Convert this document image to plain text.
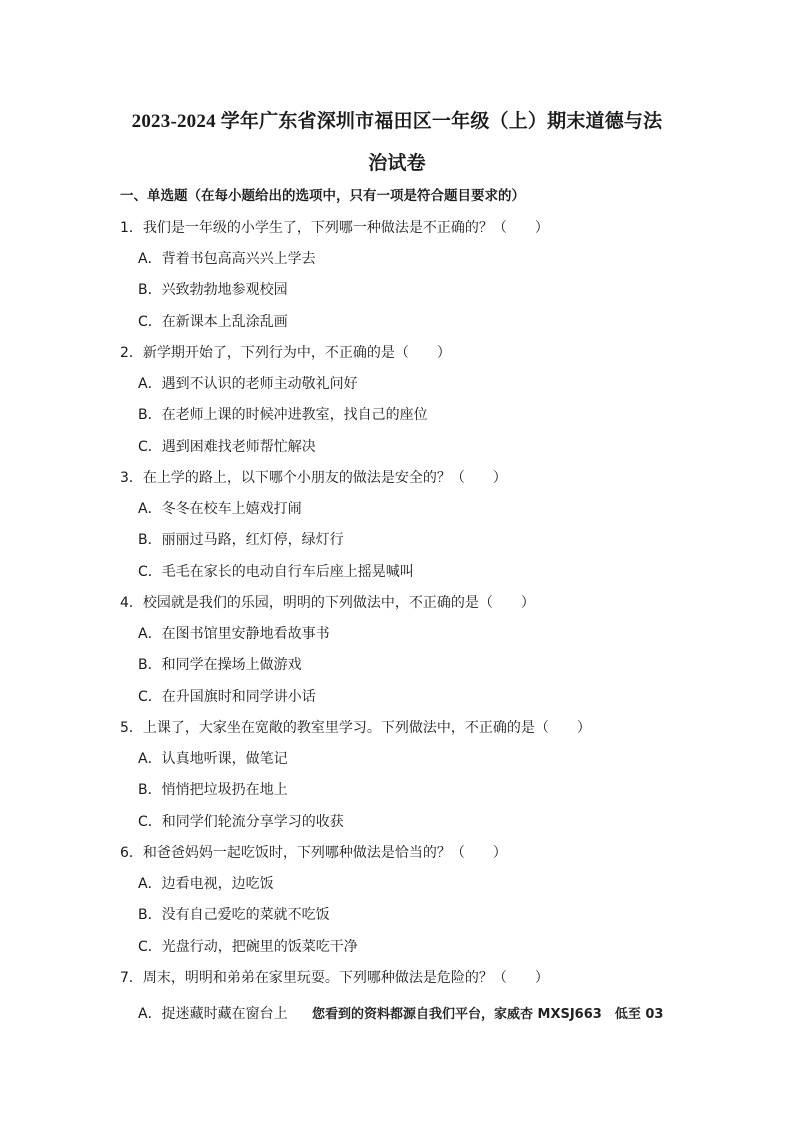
2023-2024 学年广东省深圳市福田区一年级（上）期末道德与法
治试卷
一、单选题（在每小题给出的选项中，只有一项是符合题目要求的）
1．我们是一年级的小学生了，下列哪一种做法是不正确的？（　　）
A．背着书包高高兴兴上学去
B．兴致勃勃地参观校园
C．在新课本上乱涂乱画
2．新学期开始了，下列行为中，不正确的是（　　）
A．遇到不认识的老师主动敬礼问好
B．在老师上课的时候冲进教室，找自己的座位
C．遇到困难找老师帮忙解决
3．在上学的路上，以下哪个小朋友的做法是安全的？（　　）
A．冬冬在校车上嬉戏打闹
B．丽丽过马路，红灯停，绿灯行
C．毛毛在家长的电动自行车后座上摇晃喊叫
4．校园就是我们的乐园，明明的下列做法中，不正确的是（　　）
A．在图书馆里安静地看故事书
B．和同学在操场上做游戏
C．在升国旗时和同学讲小话
5．上课了，大家坐在宽敞的教室里学习。下列做法中，不正确的是（　　）
A．认真地听课，做笔记
B．悄悄把垃圾扔在地上
C．和同学们轮流分享学习的收获
6．和爸爸妈妈一起吃饭时，下列哪种做法是恰当的？（　　）
A．边看电视，边吃饭
B．没有自己爱吃的菜就不吃饭
C．光盘行动，把碗里的饭菜吃干净
7．周末，明明和弟弟在家里玩耍。下列哪种做法是危险的？（　　）
A．捉迷藏时藏在窗台上 您看到的资料都源自我们平台，家威杏 MXSJ663　低至 03
